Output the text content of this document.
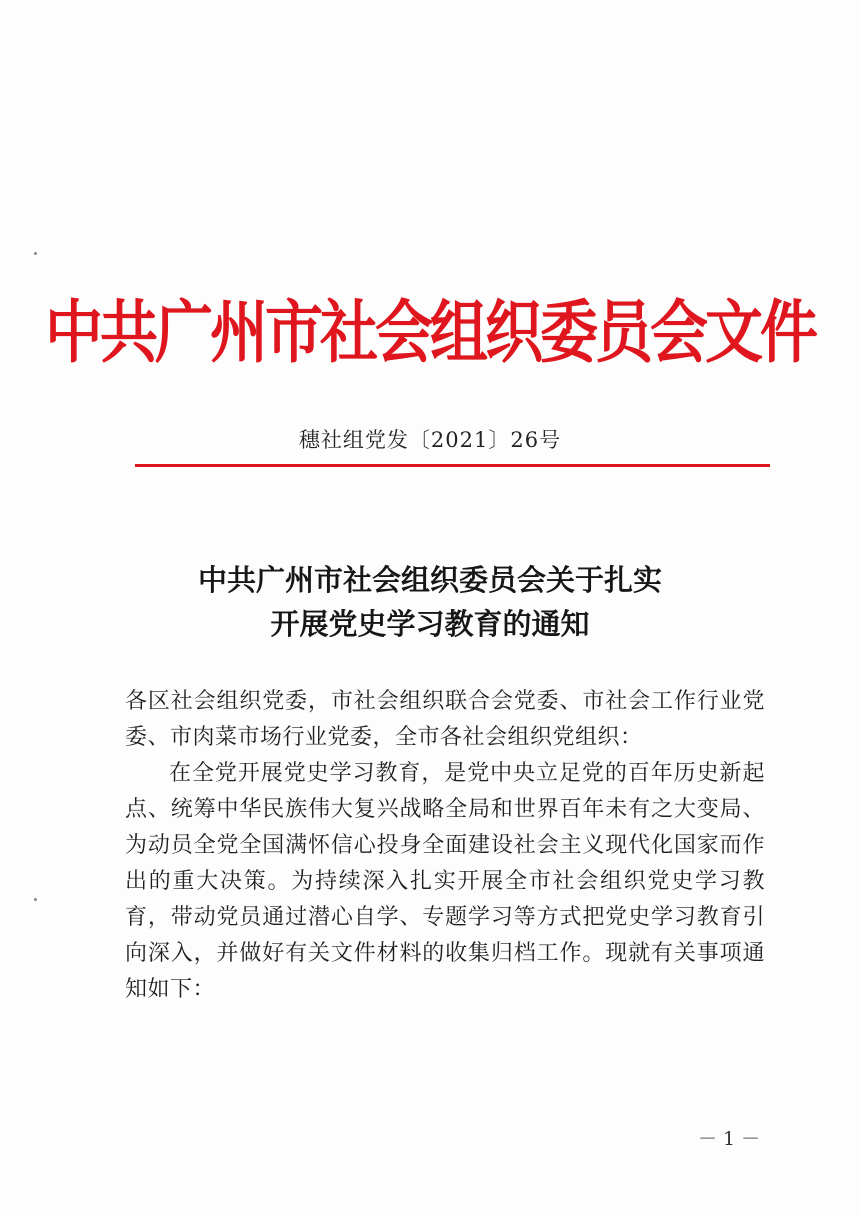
中共广州市社会组织委员会文件
穗社组党发〔2021〕26号
中共广州市社会组织委员会关于扎实
开展党史学习教育的通知

各区社会组织党委，市社会组织联合会党委、市社会工作行业党委、市肉菜市场行业党委，全市各社会组织党组织：

在全党开展党史学习教育，是党中央立足党的百年历史新起点、统筹中华民族伟大复兴战略全局和世界百年未有之大变局、为动员全党全国满怀信心投身全面建设社会主义现代化国家而作出的重大决策。为持续深入扎实开展全市社会组织党史学习教育，带动党员通过潜心自学、专题学习等方式把党史学习教育引向深入，并做好有关文件材料的收集归档工作。现就有关事项通知如下：

－ 1 －
